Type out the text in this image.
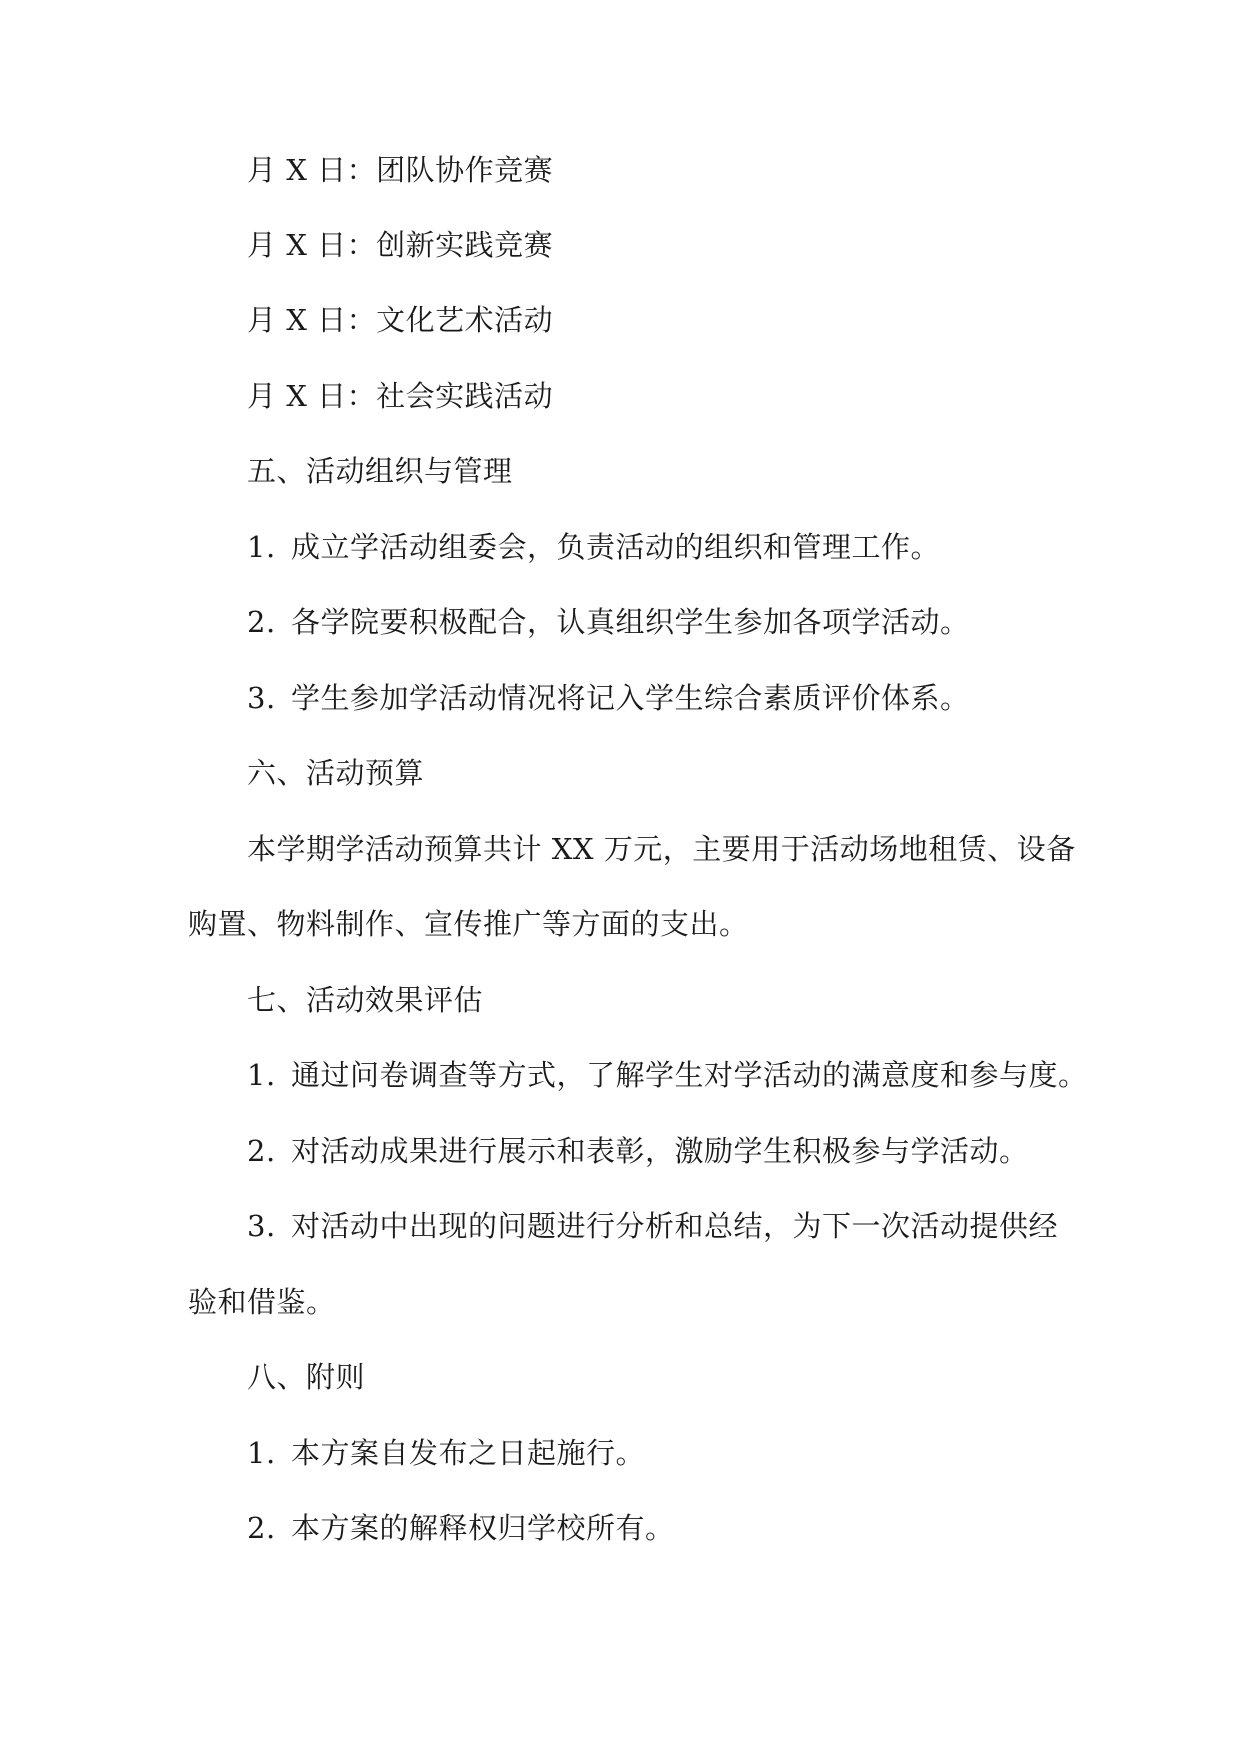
月 X 日：团队协作竞赛
月 X 日：创新实践竞赛
月 X 日：文化艺术活动
月 X 日：社会实践活动
五、活动组织与管理
1. 成立学活动组委会，负责活动的组织和管理工作。
2. 各学院要积极配合，认真组织学生参加各项学活动。
3. 学生参加学活动情况将记入学生综合素质评价体系。
六、活动预算
本学期学活动预算共计 XX 万元，主要用于活动场地租赁、设备
购置、物料制作、宣传推广等方面的支出。
七、活动效果评估
1. 通过问卷调查等方式，了解学生对学活动的满意度和参与度。
2. 对活动成果进行展示和表彰，激励学生积极参与学活动。
3. 对活动中出现的问题进行分析和总结，为下一次活动提供经
验和借鉴。
八、附则
1. 本方案自发布之日起施行。
2. 本方案的解释权归学校所有。
